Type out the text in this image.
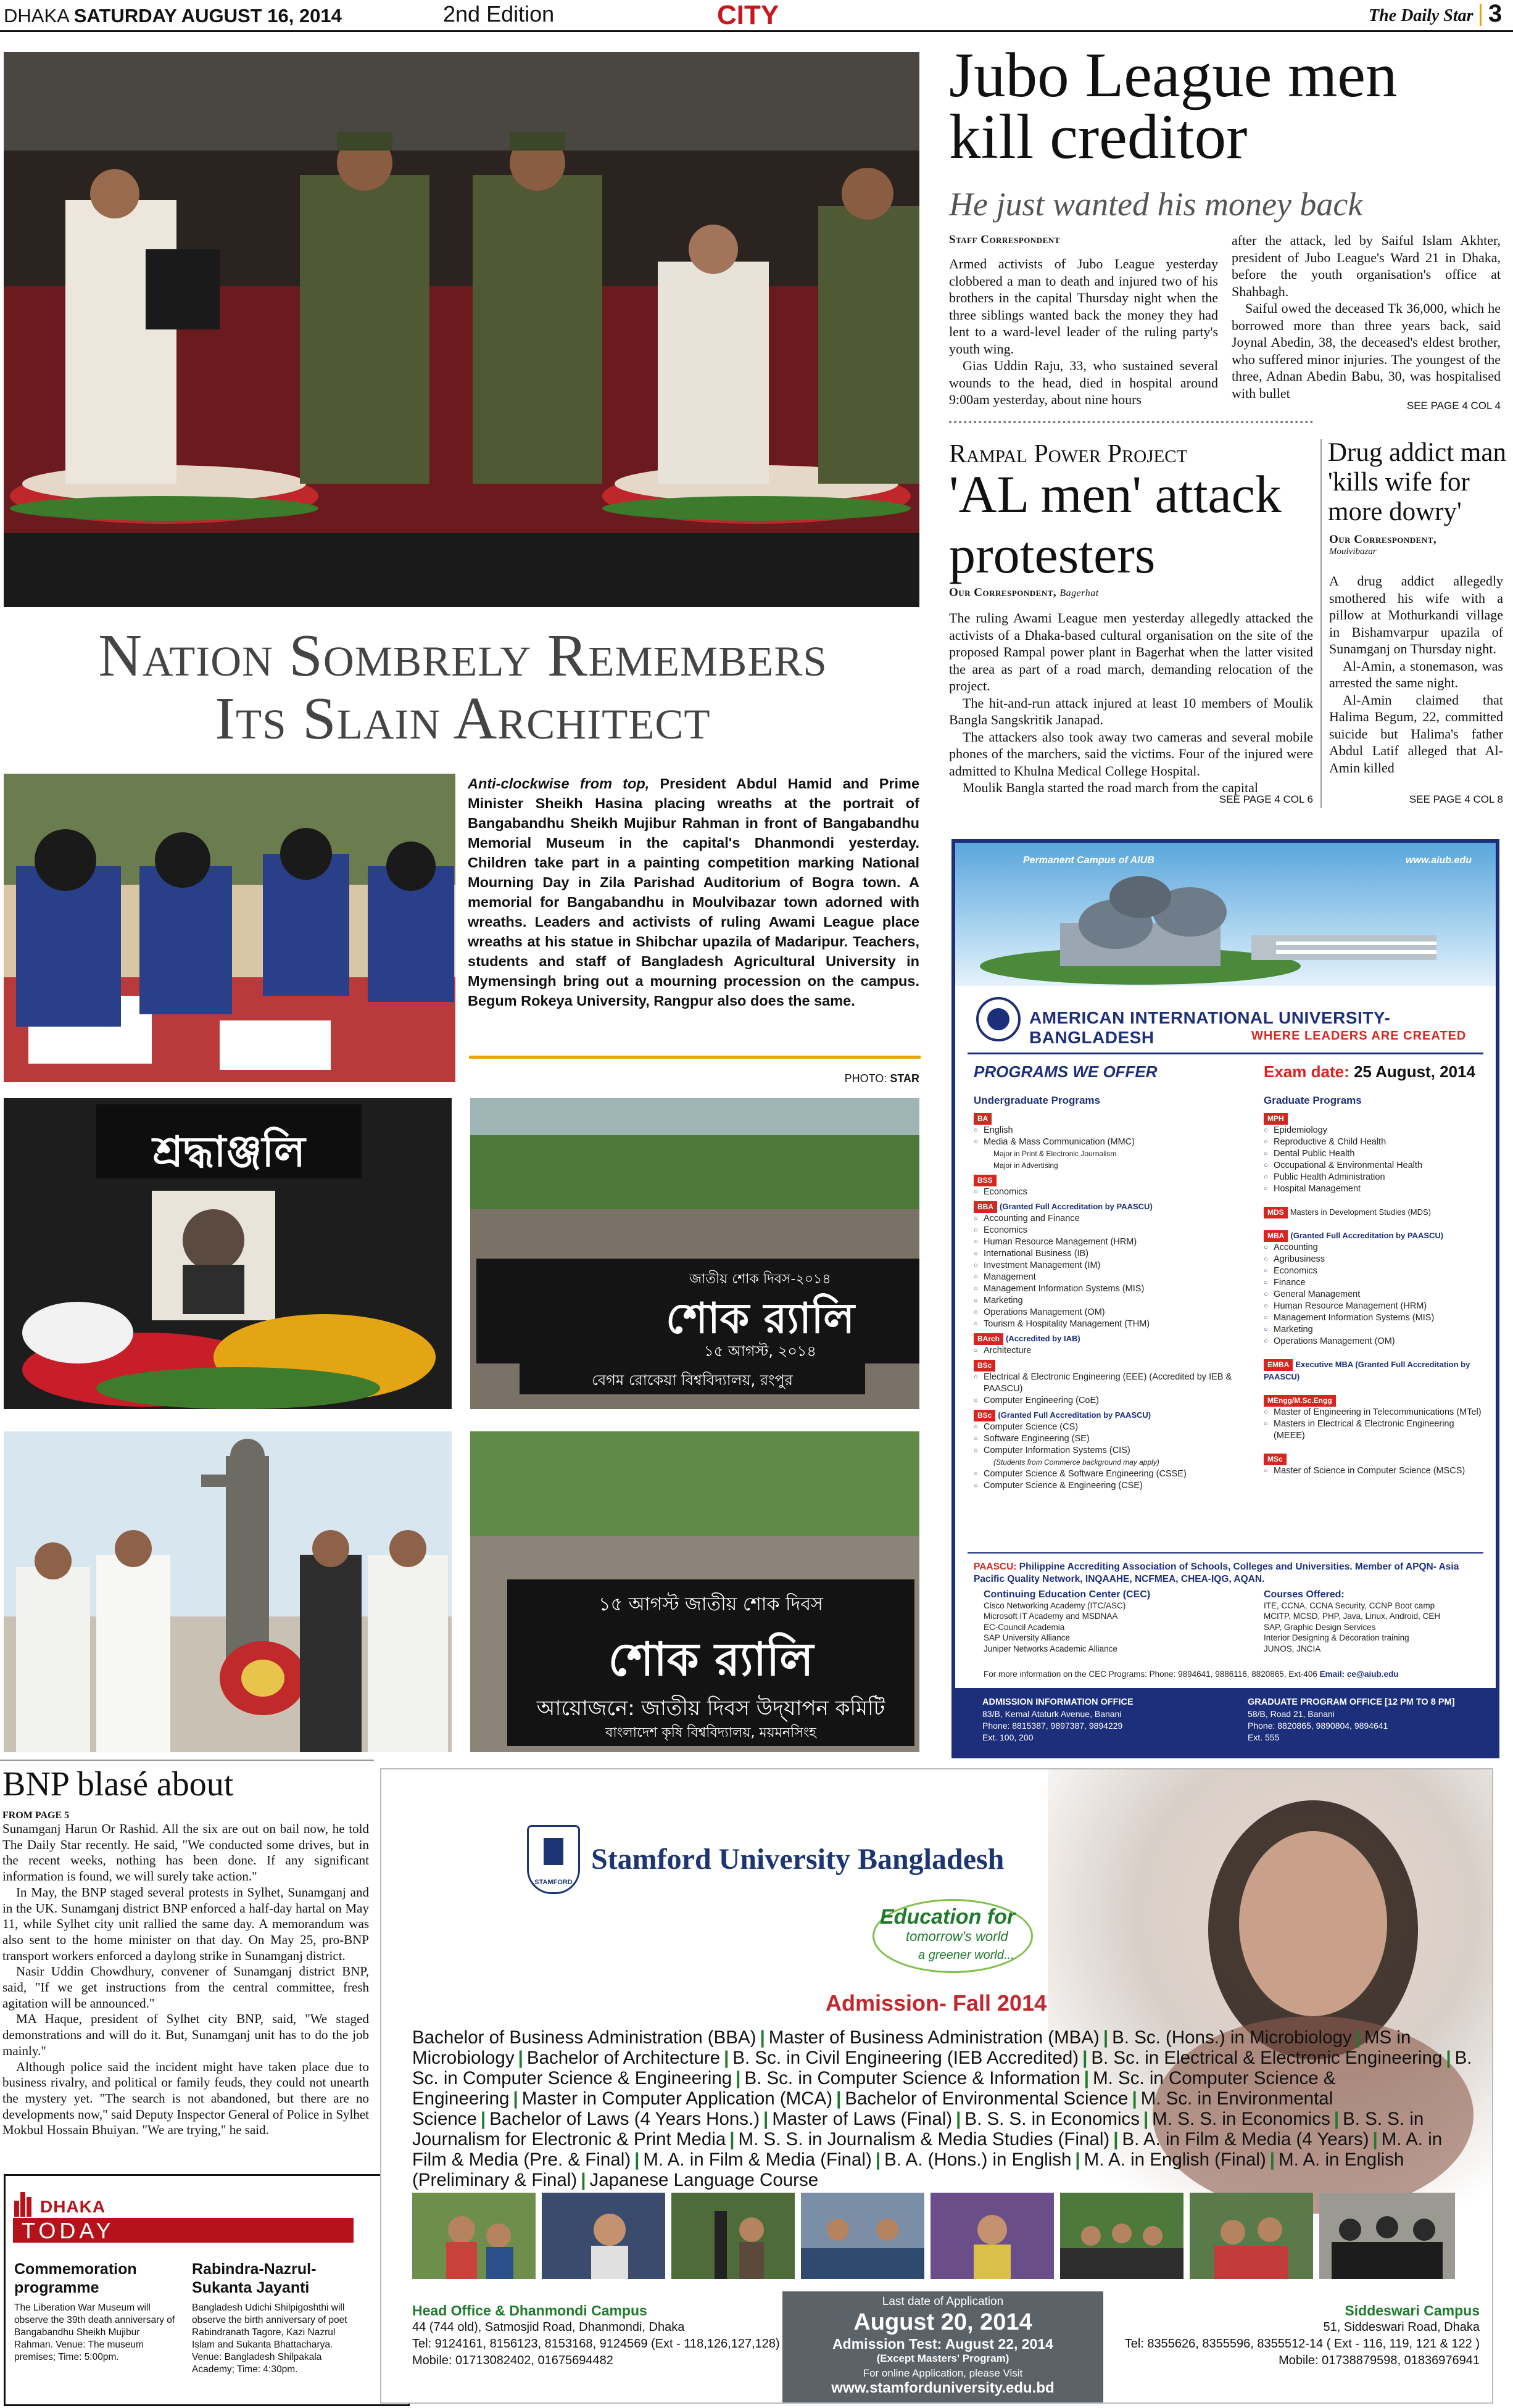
DHAKA SATURDAY AUGUST 16, 2014	2nd Edition	CITY	The Daily Star 3
Nation Sombrely Remembers
Its Slain Architect
Anti-clockwise from top, President Abdul Hamid and Prime Minister Sheikh Hasina placing wreaths at the portrait of Bangabandhu Sheikh Mujibur Rahman in front of Bangabandhu Memorial Museum in the capital's Dhanmondi yesterday. Children take part in a painting competition marking National Mourning Day in Zila Parishad Auditorium of Bogra town. A memorial for Bangabandhu in Moulvibazar town adorned with wreaths. Leaders and activists of ruling Awami League place wreaths at his statue in Shibchar upazila of Madaripur. Teachers, students and staff of Bangladesh Agricultural University in Mymensingh bring out a mourning procession on the campus. Begum Rokeya University, Rangpur also does the same.
PHOTO: STAR
শ্রদ্ধাঞ্জলি
জাতীয় শোক দিবস-২০১৪
শোক র‍্যালি
১৫ আগস্ট, ২০১৪
বেগম রোকেয়া বিশ্ববিদ্যালয়, রংপুর
১৫ আগস্ট জাতীয় শোক দিবস
শোক র‍্যালি
আয়োজনে: জাতীয় দিবস উদ্‌যাপন কমিটি
বাংলাদেশ কৃষি বিশ্ববিদ্যালয়, ময়মনসিংহ
Jubo League men
kill creditor
He just wanted his money back
Staff Correspondent

Armed activists of Jubo League yesterday clobbered a man to death and injured two of his brothers in the capital Thursday night when the three siblings wanted back the money they had lent to a ward-level leader of the ruling party's youth wing.

Gias Uddin Raju, 33, who sustained several wounds to the head, died in hospital around 9:00am yesterday, about nine hours

after the attack, led by Saiful Islam Akhter, president of Jubo League's Ward 21 in Dhaka, before the youth organisation's office at Shahbagh.

Saiful owed the deceased Tk 36,000, which he borrowed more than three years back, said Joynal Abedin, 38, the deceased's eldest brother, who suffered minor injuries. The youngest of the three, Adnan Abedin Babu, 30, was hospitalised with bullet

SEE PAGE 4 COL 4
Rampal Power Project
'AL men' attack
protesters
Our Correspondent, Bagerhat

The ruling Awami League men yesterday allegedly attacked the activists of a Dhaka-based cultural organisation on the site of the proposed Rampal power plant in Bagerhat when the latter visited the area as part of a road march, demanding relocation of the project.

The hit-and-run attack injured at least 10 members of Moulik Bangla Sangskritik Janapad.

The attackers also took away two cameras and several mobile phones of the marchers, said the victims. Four of the injured were admitted to Khulna Medical College Hospital.

Moulik Bangla started the road march from the capital

SEE PAGE 4 COL 6
Drug addict man 'kills wife for more dowry'
Our Correspondent,
Moulvibazar

A drug addict allegedly smothered his wife with a pillow at Mothurkandi village in Bishamvarpur upazila of Sunamganj on Thursday night.

Al-Amin, a stonemason, was arrested the same night.

Al-Amin claimed that Halima Begum, 22, committed suicide but Halima's father Abdul Latif alleged that Al-Amin killed

SEE PAGE 4 COL 8
Permanent Campus of AIUB	www.aiub.edu
AMERICAN INTERNATIONAL UNIVERSITY-BANGLADESH	WHERE LEADERS ARE CREATED
PROGRAMS WE OFFER	Exam date: 25 August, 2014
Undergraduate Programs
BA
○ English
○ Media & Mass Communication (MMC)
Major in Print & Electronic Journalism
Major in Advertising
BSS
○ Economics
BBA (Granted Full Accreditation by PAASCU)
○ Accounting and Finance
○ Economics
○ Human Resource Management (HRM)
○ International Business (IB)
○ Investment Management (IM)
○ Management
○ Management Information Systems (MIS)
○ Marketing
○ Operations Management (OM)
○ Tourism & Hospitality Management (THM)
BArch (Accredited by IAB)
○ Architecture
BSc
○ Electrical & Electronic Engineering (EEE) (Accredited by IEB & PAASCU)
○ Computer Engineering (CoE)
BSc (Granted Full Accreditation by PAASCU)
○ Computer Science (CS)
○ Software Engineering (SE)
○ Computer Information Systems (CIS)
(Students from Commerce background may apply)
○ Computer Science & Software Engineering (CSSE)
○ Computer Science & Engineering (CSE)
Graduate Programs
MPH
○ Epidemiology
○ Reproductive & Child Health
○ Dental Public Health
○ Occupational & Environmental Health
○ Public Health Administration
○ Hospital Management
MDS Masters in Development Studies (MDS)
MBA (Granted Full Accreditation by PAASCU)
○ Accounting
○ Agribusiness
○ Economics
○ Finance
○ General Management
○ Human Resource Management (HRM)
○ Management Information Systems (MIS)
○ Marketing
○ Operations Management (OM)
EMBA Executive MBA (Granted Full Accreditation by PAASCU)
MEngg/M.Sc.Engg
○ Master of Engineering in Telecommunications (MTel)
○ Masters in Electrical & Electronic Engineering (MEEE)
MSc
○ Master of Science in Computer Science (MSCS)
PAASCU: Philippine Accrediting Association of Schools, Colleges and Universities. Member of APQN- Asia Pacific Quality Network, INQAAHE, NCFMEA, CHEA-IQG, AQAN.
Continuing Education Center (CEC)
Cisco Networking Academy (ITC/ASC)
Microsoft IT Academy and MSDNAA
EC-Council Academia
SAP University Alliance
Juniper Networks Academic Alliance
Courses Offered:
ITE, CCNA, CCNA Security, CCNP Boot camp
MCITP, MCSD, PHP, Java, Linux, Android, CEH
SAP, Graphic Design Services
Interior Designing & Decoration training
JUNOS, JNCIA
For more information on the CEC Programs: Phone: 9894641, 9886116, 8820865, Ext-406 Email: ce@aiub.edu
ADMISSION INFORMATION OFFICE
83/B, Kemal Ataturk Avenue, Banani
Phone: 8815387, 9897387, 9894229
Ext. 100, 200
GRADUATE PROGRAM OFFICE [12 PM TO 8 PM]
58/B, Road 21, Banani
Phone: 8820865, 9890804, 9894641
Ext. 555
BNP blasé about
FROM PAGE 5

Sunamganj Harun Or Rashid. All the six are out on bail now, he told The Daily Star recently. He said, "We conducted some drives, but in the recent weeks, nothing has been done. If any significant information is found, we will surely take action."

In May, the BNP staged several protests in Sylhet, Sunamganj and in the UK. Sunamganj district BNP enforced a half-day hartal on May 11, while Sylhet city unit rallied the same day. A memorandum was also sent to the home minister on that day. On May 25, pro-BNP transport workers enforced a daylong strike in Sunamganj district.

Nasir Uddin Chowdhury, convener of Sunamganj district BNP, said, "If we get instructions from the central committee, fresh agitation will be announced."

MA Haque, president of Sylhet city BNP, said, "We staged demonstrations and will do it. But, Sunamganj unit has to do the job mainly."

Although police said the incident might have taken place due to business rivalry, and political or family feuds, they could not unearth the mystery yet. "The search is not abandoned, but there are no developments now," said Deputy Inspector General of Police in Sylhet Mokbul Hossain Bhuiyan. "We are trying," he said.

DHAKA
TODAY
Commemoration programme
The Liberation War Museum will observe the 39th death anniversary of Bangabandhu Sheikh Mujibur Rahman. Venue: The museum premises; Time: 5:00pm.
Rabindra-Nazrul-Sukanta Jayanti
Bangladesh Udichi Shilpigoshthi will observe the birth anniversary of poet Rabindranath Tagore, Kazi Nazrul Islam and Sukanta Bhattacharya. Venue: Bangladesh Shilpakala Academy; Time: 4:30pm.
STAMFORD
Stamford University Bangladesh
Education for
tomorrow's world
a greener world...
Admission- Fall 2014
Bachelor of Business Administration (BBA) | Master of Business Administration (MBA) | B. Sc. (Hons.) in Microbiology | MS in Microbiology | Bachelor of Architecture | B. Sc. in Civil Engineering (IEB Accredited) | B. Sc. in Electrical & Electronic Engineering | B. Sc. in Computer Science & Engineering | B. Sc. in Computer Science & Information | M. Sc. in Computer Science & Engineering | Master in Computer Application (MCA) | Bachelor of Environmental Science | M. Sc. in Environmental Science | Bachelor of Laws (4 Years Hons.) | Master of Laws (Final) | B. S. S. in Economics | M. S. S. in Economics | B. S. S. in Journalism for Electronic & Print Media | M. S. S. in Journalism & Media Studies (Final) | B. A. in Film & Media (4 Years) | M. A. in Film & Media (Pre. & Final) | M. A. in Film & Media (Final) | B. A. (Hons.) in English | M. A. in English (Final) | M. A. in English (Preliminary & Final) | Japanese Language Course
Head Office & Dhanmondi Campus
44 (744 old), Satmosjid Road, Dhanmondi, Dhaka
Tel: 9124161, 8156123, 8153168, 9124569 (Ext - 118,126,127,128)
Mobile: 01713082402, 01675694482
Last date of Application
August 20, 2014
Admission Test: August 22, 2014
(Except Masters' Program)
For online Application, please Visit
www.stamforduniversity.edu.bd
Siddeswari Campus
51, Siddeswari Road, Dhaka
Tel: 8355626, 8355596, 8355512-14 ( Ext - 116, 119, 121 & 122 )
Mobile: 01738879598, 01836976941
